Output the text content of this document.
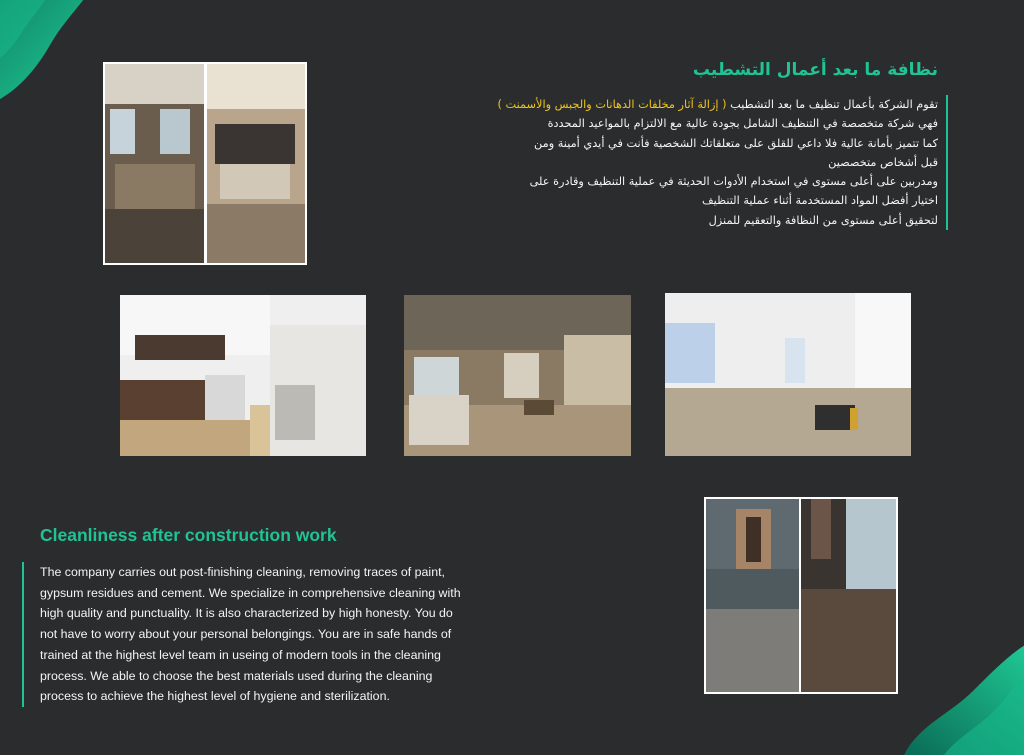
نظافة ما بعد أعمال التشطيب

تقوم الشركة بأعمال تنظيف ما بعد التشطيب ( إزالة آثار مخلفات الدهانات والجبس والأسمنت )

فهي شركة متخصصة في التنظيف الشامل بجودة عالية مع الالتزام بالمواعيد المحددة

كما تتميز بأمانة عالية فلا داعي للقلق على متعلقاتك الشخصية فأنت في أيدي أمينة ومن

قبل أشخاص متخصصين

ومدربين على أعلى مستوى في استخدام الأدوات الحديثة في عملية التنظيف وقادرة على

اختيار أفضل المواد المستخدمة أثناء عملية التنظيف

لتحقيق أعلى مستوى من النظافة والتعقيم للمنزل

Cleanliness after construction work

The company carries out post-finishing cleaning, removing traces of paint,

gypsum residues and cement. We specialize in comprehensive cleaning with

high quality and punctuality. It is also characterized by high honesty. You do

not have to worry about your personal belongings. You are in safe hands of

trained at the highest level team in useing of modern tools in the cleaning

process. We able to choose the best materials used during the cleaning

process to achieve the highest level of hygiene and sterilization.
